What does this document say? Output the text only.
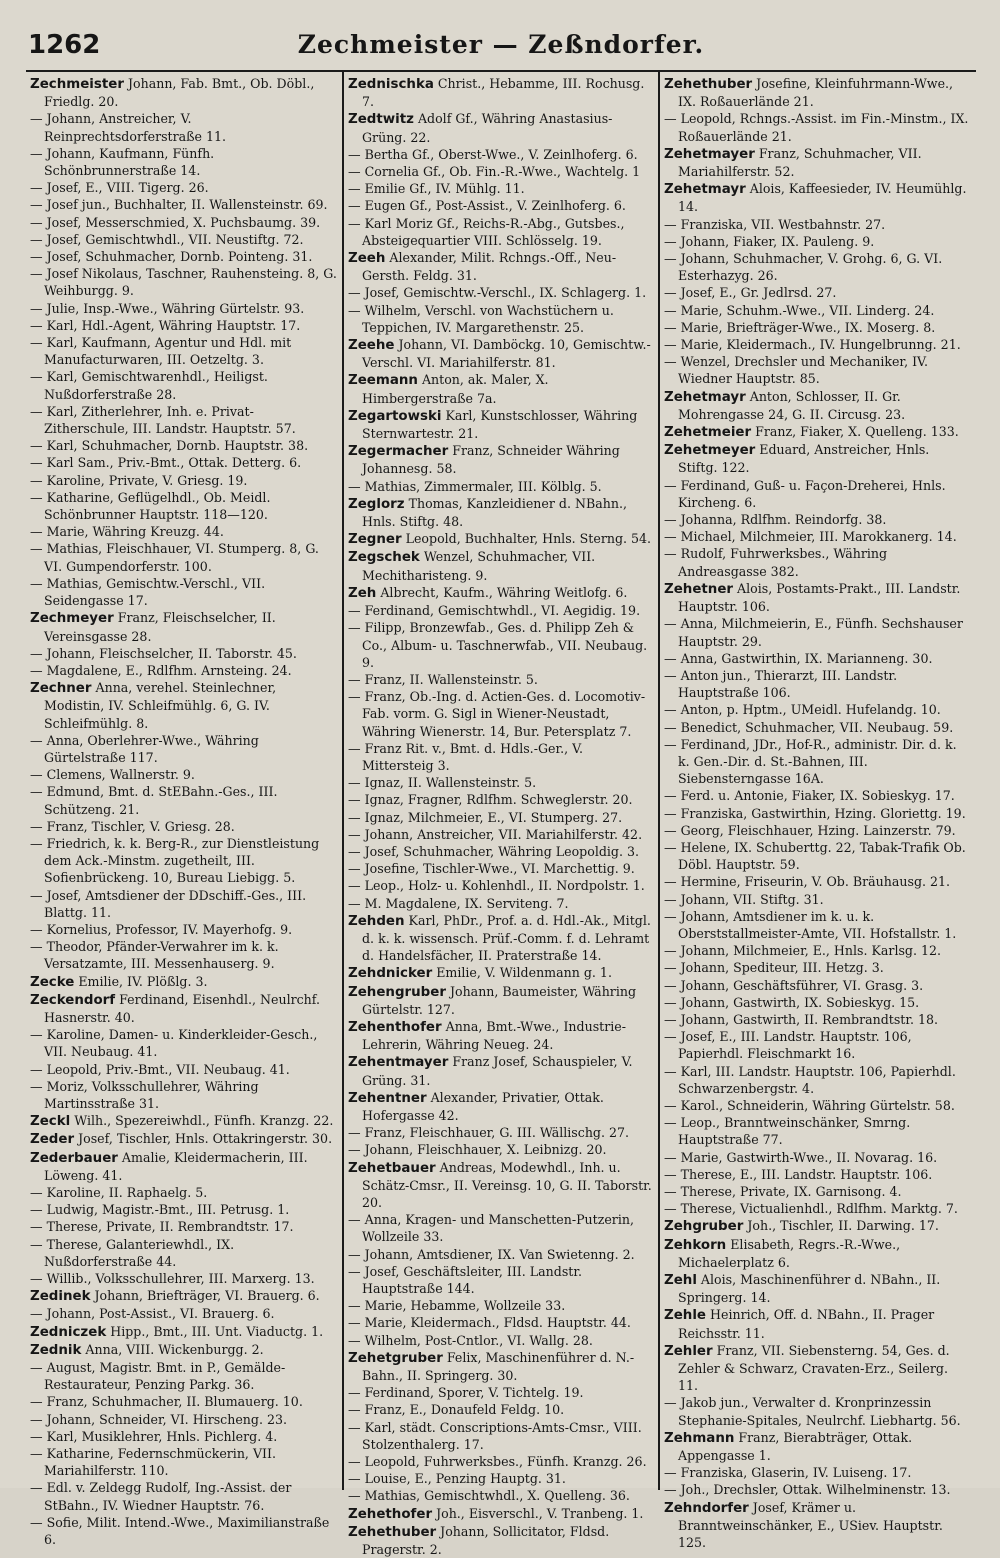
1262	Zechmeister — Zeßndorfer.
Zechmeister Johann, Fab. Bmt., Ob. Döbl., Friedlg. 20.
— Johann, Anstreicher, V. Reinprechtsdorferstraße 11.
— Johann, Kaufmann, Fünfh. Schönbrunnerstraße 14.
— Josef, E., VIII. Tigerg. 26.
— Josef jun., Buchhalter, II. Wallensteinstr. 69.
— Josef, Messerschmied, X. Puchsbaumg. 39.
— Josef, Gemischtwhdl., VII. Neustiftg. 72.
— Josef, Schuhmacher, Dornb. Pointeng. 31.
— Josef Nikolaus, Taschner, Rauhensteing. 8, G. Weihburgg. 9.
— Julie, Insp.-Wwe., Währing Gürtelstr. 93.
— Karl, Hdl.-Agent, Währing Hauptstr. 17.
— Karl, Kaufmann, Agentur und Hdl. mit Manufacturwaren, III. Oetzeltg. 3.
— Karl, Gemischtwarenhdl., Heiligst. Nußdorferstraße 28.
— Karl, Zitherlehrer, Inh. e. Privat-Zitherschule, III. Landstr. Hauptstr. 57.
— Karl, Schuhmacher, Dornb. Hauptstr. 38.
— Karl Sam., Priv.-Bmt., Ottak. Detterg. 6.
— Karoline, Private, V. Griesg. 19.
— Katharine, Geflügelhdl., Ob. Meidl. Schönbrunner Hauptstr. 118—120.
— Marie, Währing Kreuzg. 44.
— Mathias, Fleischhauer, VI. Stumperg. 8, G. VI. Gumpendorferstr. 100.
— Mathias, Gemischtw.-Verschl., VII. Seidengasse 17.
Zechmeyer Franz, Fleischselcher, II. Vereinsgasse 28.
— Johann, Fleischselcher, II. Taborstr. 45.
— Magdalene, E., Rdlfhm. Arnsteing. 24.
Zechner Anna, verehel. Steinlechner, Modistin, IV. Schleifmühlg. 6, G. IV. Schleifmühlg. 8.
— Anna, Oberlehrer-Wwe., Währing Gürtelstraße 117.
— Clemens, Wallnerstr. 9.
— Edmund, Bmt. d. StEBahn.-Ges., III. Schützeng. 21.
— Franz, Tischler, V. Griesg. 28.
— Friedrich, k. k. Berg-R., zur Dienstleistung dem Ack.-Minstm. zugetheilt, III. Sofienbrückeng. 10, Bureau Liebigg. 5.
— Josef, Amtsdiener der DDschiff.-Ges., III. Blattg. 11.
— Kornelius, Professor, IV. Mayerhofg. 9.
— Theodor, Pfänder-Verwahrer im k. k. Versatzamte, III. Messenhauserg. 9.
Zecke Emilie, IV. Plößlg. 3.
Zeckendorf Ferdinand, Eisenhdl., Neulrchf. Hasnerstr. 40.
— Karoline, Damen- u. Kinderkleider-Gesch., VII. Neubaug. 41.
— Leopold, Priv.-Bmt., VII. Neubaug. 41.
— Moriz, Volksschullehrer, Währing Martinsstraße 31.
Zeckl Wilh., Spezereiwhdl., Fünfh. Kranzg. 22.
Zeder Josef, Tischler, Hnls. Ottakringerstr. 30.
Zederbauer Amalie, Kleidermacherin, III. Löweng. 41.
— Karoline, II. Raphaelg. 5.
— Ludwig, Magistr.-Bmt., III. Petrusg. 1.
— Therese, Private, II. Rembrandtstr. 17.
— Therese, Galanteriewhdl., IX. Nußdorferstraße 44.
— Willib., Volksschullehrer, III. Marxerg. 13.
Zedinek Johann, Briefträger, VI. Brauerg. 6.
— Johann, Post-Assist., VI. Brauerg. 6.
Zedniczek Hipp., Bmt., III. Unt. Viaductg. 1.
Zednik Anna, VIII. Wickenburgg. 2.
— August, Magistr. Bmt. in P., Gemälde-Restaurateur, Penzing Parkg. 36.
— Franz, Schuhmacher, II. Blumauerg. 10.
— Johann, Schneider, VI. Hirscheng. 23.
— Karl, Musiklehrer, Hnls. Pichlerg. 4.
— Katharine, Federnschmückerin, VII. Mariahilferstr. 110.
— Edl. v. Zeldegg Rudolf, Ing.-Assist. der StBahn., IV. Wiedner Hauptstr. 76.
— Sofie, Milit. Intend.-Wwe., Maximilianstraße 6.
Zednischka Christ., Hebamme, III. Rochusg. 7.
Zedtwitz Adolf Gf., Währing Anastasius-Grüng. 22.
— Bertha Gf., Oberst-Wwe., V. Zeinlhoferg. 6.
— Cornelia Gf., Ob. Fin.-R.-Wwe., Wachtelg. 1
— Emilie Gf., IV. Mühlg. 11.
— Eugen Gf., Post-Assist., V. Zeinlhoferg. 6.
— Karl Moriz Gf., Reichs-R.-Abg., Gutsbes., Absteigequartier VIII. Schlösselg. 19.
Zeeh Alexander, Milit. Rchngs.-Off., Neu-Gersth. Feldg. 31.
— Josef, Gemischtw.-Verschl., IX. Schlagerg. 1.
— Wilhelm, Verschl. von Wachstüchern u. Teppichen, IV. Margarethenstr. 25.
Zeehe Johann, VI. Damböckg. 10, Gemischtw.-Verschl. VI. Mariahilferstr. 81.
Zeemann Anton, ak. Maler, X. Himbergerstraße 7a.
Zegartowski Karl, Kunstschlosser, Währing Sternwartestr. 21.
Zegermacher Franz, Schneider Währing Johannesg. 58.
— Mathias, Zimmermaler, III. Kölblg. 5.
Zeglorz Thomas, Kanzleidiener d. NBahn., Hnls. Stiftg. 48.
Zegner Leopold, Buchhalter, Hnls. Sterng. 54.
Zegschek Wenzel, Schuhmacher, VII. Mechitharisteng. 9.
Zeh Albrecht, Kaufm., Währing Weitlofg. 6.
— Ferdinand, Gemischtwhdl., VI. Aegidig. 19.
— Filipp, Bronzewfab., Ges. d. Philipp Zeh & Co., Album- u. Taschnerwfab., VII. Neubaug. 9.
— Franz, II. Wallensteinstr. 5.
— Franz, Ob.-Ing. d. Actien-Ges. d. Locomotiv-Fab. vorm. G. Sigl in Wiener-Neustadt, Währing Wienerstr. 14, Bur. Petersplatz 7.
— Franz Rit. v., Bmt. d. Hdls.-Ger., V. Mittersteig 3.
— Ignaz, II. Wallensteinstr. 5.
— Ignaz, Fragner, Rdlfhm. Schweglerstr. 20.
— Ignaz, Milchmeier, E., VI. Stumperg. 27.
— Johann, Anstreicher, VII. Mariahilferstr. 42.
— Josef, Schuhmacher, Währing Leopoldig. 3.
— Josefine, Tischler-Wwe., VI. Marchettig. 9.
— Leop., Holz- u. Kohlenhdl., II. Nordpolstr. 1.
— M. Magdalene, IX. Serviteng. 7.
Zehden Karl, PhDr., Prof. a. d. Hdl.-Ak., Mitgl. d. k. k. wissensch. Prüf.-Comm. f. d. Lehramt d. Handelsfächer, II. Praterstraße 14.
Zehdnicker Emilie, V. Wildenmann g. 1.
Zehengruber Johann, Baumeister, Währing Gürtelstr. 127.
Zehenthofer Anna, Bmt.-Wwe., Industrie-Lehrerin, Währing Neueg. 24.
Zehentmayer Franz Josef, Schauspieler, V. Grüng. 31.
Zehentner Alexander, Privatier, Ottak. Hofergasse 42.
— Franz, Fleischhauer, G. III. Wällischg. 27.
— Johann, Fleischhauer, X. Leibnizg. 20.
Zehetbauer Andreas, Modewhdl., Inh. u. Schätz-Cmsr., II. Vereinsg. 10, G. II. Taborstr. 20.
— Anna, Kragen- und Manschetten-Putzerin, Wollzeile 33.
— Johann, Amtsdiener, IX. Van Swietenng. 2.
— Josef, Geschäftsleiter, III. Landstr. Hauptstraße 144.
— Marie, Hebamme, Wollzeile 33.
— Marie, Kleidermach., Fldsd. Hauptstr. 44.
— Wilhelm, Post-Cntlor., VI. Wallg. 28.
Zehetgruber Felix, Maschinenführer d. N.-Bahn., II. Springerg. 30.
— Ferdinand, Sporer, V. Tichtelg. 19.
— Franz, E., Donaufeld Feldg. 10.
— Karl, städt. Conscriptions-Amts-Cmsr., VIII. Stolzenthalerg. 17.
— Leopold, Fuhrwerksbes., Fünfh. Kranzg. 26.
— Louise, E., Penzing Hauptg. 31.
— Mathias, Gemischtwhdl., X. Quelleng. 36.
Zehethofer Joh., Eisverschl., V. Tranbeng. 1.
Zehethuber Johann, Sollicitator, Fldsd. Pragerstr. 2.
Zehethuber Josefine, Kleinfuhrmann-Wwe., IX. Roßauerlände 21.
— Leopold, Rchngs.-Assist. im Fin.-Minstm., IX. Roßauerlände 21.
Zehetmayer Franz, Schuhmacher, VII. Mariahilferstr. 52.
Zehetmayr Alois, Kaffeesieder, IV. Heumühlg. 14.
— Franziska, VII. Westbahnstr. 27.
— Johann, Fiaker, IX. Pauleng. 9.
— Johann, Schuhmacher, V. Grohg. 6, G. VI. Esterhazyg. 26.
— Josef, E., Gr. Jedlrsd. 27.
— Marie, Schuhm.-Wwe., VII. Linderg. 24.
— Marie, Briefträger-Wwe., IX. Moserg. 8.
— Marie, Kleidermach., IV. Hungelbrunng. 21.
— Wenzel, Drechsler und Mechaniker, IV. Wiedner Hauptstr. 85.
Zehetmayr Anton, Schlosser, II. Gr. Mohrengasse 24, G. II. Circusg. 23.
Zehetmeier Franz, Fiaker, X. Quelleng. 133.
Zehetmeyer Eduard, Anstreicher, Hnls. Stiftg. 122.
— Ferdinand, Guß- u. Façon-Dreherei, Hnls. Kircheng. 6.
— Johanna, Rdlfhm. Reindorfg. 38.
— Michael, Milchmeier, III. Marokkanerg. 14.
— Rudolf, Fuhrwerksbes., Währing Andreasgasse 382.
Zehetner Alois, Postamts-Prakt., III. Landstr. Hauptstr. 106.
— Anna, Milchmeierin, E., Fünfh. Sechshauser Hauptstr. 29.
— Anna, Gastwirthin, IX. Marianneng. 30.
— Anton jun., Thierarzt, III. Landstr. Hauptstraße 106.
— Anton, p. Hptm., UMeidl. Hufelandg. 10.
— Benedict, Schuhmacher, VII. Neubaug. 59.
— Ferdinand, JDr., Hof-R., administr. Dir. d. k. k. Gen.-Dir. d. St.-Bahnen, III. Siebensterngasse 16A.
— Ferd. u. Antonie, Fiaker, IX. Sobieskyg. 17.
— Franziska, Gastwirthin, Hzing. Gloriettg. 19.
— Georg, Fleischhauer, Hzing. Lainzerstr. 79.
— Helene, IX. Schuberttg. 22, Tabak-Trafik Ob. Döbl. Hauptstr. 59.
— Hermine, Friseurin, V. Ob. Bräuhausg. 21.
— Johann, VII. Stiftg. 31.
— Johann, Amtsdiener im k. u. k. Oberststallmeister-Amte, VII. Hofstallstr. 1.
— Johann, Milchmeier, E., Hnls. Karlsg. 12.
— Johann, Spediteur, III. Hetzg. 3.
— Johann, Geschäftsführer, VI. Grasg. 3.
— Johann, Gastwirth, IX. Sobieskyg. 15.
— Johann, Gastwirth, II. Rembrandtstr. 18.
— Josef, E., III. Landstr. Hauptstr. 106, Papierhdl. Fleischmarkt 16.
— Karl, III. Landstr. Hauptstr. 106, Papierhdl. Schwarzenbergstr. 4.
— Karol., Schneiderin, Währing Gürtelstr. 58.
— Leop., Branntweinschänker, Smrng. Hauptstraße 77.
— Marie, Gastwirth-Wwe., II. Novarag. 16.
— Therese, E., III. Landstr. Hauptstr. 106.
— Therese, Private, IX. Garnisong. 4.
— Therese, Victualienhdl., Rdlfhm. Marktg. 7.
Zehgruber Joh., Tischler, II. Darwing. 17.
Zehkorn Elisabeth, Regrs.-R.-Wwe., Michaelerplatz 6.
Zehl Alois, Maschinenführer d. NBahn., II. Springerg. 14.
Zehle Heinrich, Off. d. NBahn., II. Prager Reichsstr. 11.
Zehler Franz, VII. Siebensterng. 54, Ges. d. Zehler & Schwarz, Cravaten-Erz., Seilerg. 11.
— Jakob jun., Verwalter d. Kronprinzessin Stephanie-Spitales, Neulrchf. Liebhartg. 56.
Zehmann Franz, Bierabträger, Ottak. Appengasse 1.
— Franziska, Glaserin, IV. Luiseng. 17.
— Joh., Drechsler, Ottak. Wilhelminenstr. 13.
Zehndorfer Josef, Krämer u. Branntweinschänker, E., USiev. Hauptstr. 125.
